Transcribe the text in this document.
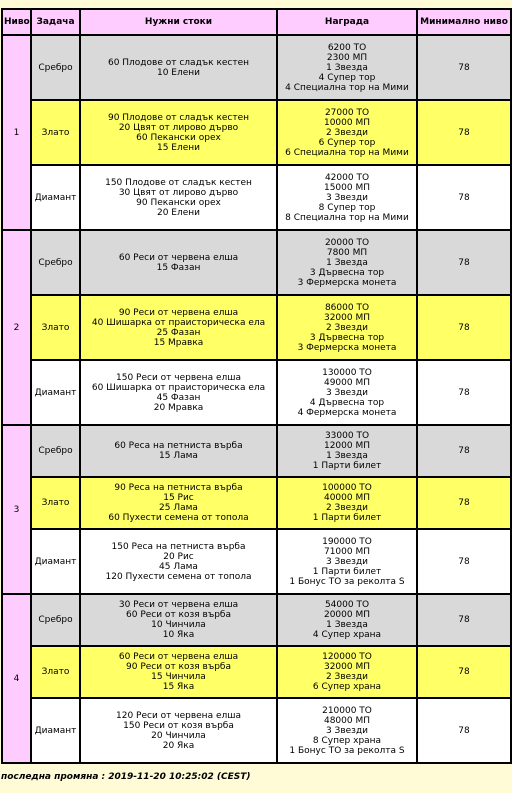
Ниво	Задача	Нужни стоки	Награда	Минимално ниво
1	Сребро	60 Плодове от сладък кестен
10 Елени	6200 ТО
2300 МП
1 Звезда
4 Супер тор
4 Специална тор на Мими	78
	Злато	90 Плодове от сладък кестен
20 Цвят от лирово дърво
60 Пекански орех
15 Елени	27000 ТО
10000 МП
2 Звезди
6 Супер тор
6 Специална тор на Мими	78
	Диамант	150 Плодове от сладък кестен
30 Цвят от лирово дърво
90 Пекански орех
20 Елени	42000 ТО
15000 МП
3 Звезди
8 Супер тор
8 Специална тор на Мими	78
2	Сребро	60 Реси от червена елша
15 Фазан	20000 ТО
7800 МП
1 Звезда
3 Дървесна тор
3 Фермерска монета	78
	Злато	90 Реси от червена елша
40 Шишарка от праисторическа ела
25 Фазан
15 Мравка	86000 ТО
32000 МП
2 Звезди
3 Дървесна тор
3 Фермерска монета	78
	Диамант	150 Реси от червена елша
60 Шишарка от праисторическа ела
45 Фазан
20 Мравка	130000 ТО
49000 МП
3 Звезди
4 Дървесна тор
4 Фермерска монета	78
3	Сребро	60 Реса на петниста върба
15 Лама	33000 ТО
12000 МП
1 Звезда
1 Парти билет	78
	Злато	90 Реса на петниста върба
15 Рис
25 Лама
60 Пухести семена от топола	100000 ТО
40000 МП
2 Звезди
1 Парти билет	78
	Диамант	150 Реса на петниста върба
20 Рис
45 Лама
120 Пухести семена от топола	190000 ТО
71000 МП
3 Звезди
1 Парти билет
1 Бонус ТО за реколта S	78
4	Сребро	30 Реси от червена елша
60 Реси от козя върба
10 Чинчила
10 Яка	54000 ТО
20000 МП
1 Звезда
4 Супер храна	78
	Злато	60 Реси от червена елша
90 Реси от козя върба
15 Чинчила
15 Яка	120000 ТО
32000 МП
2 Звезди
6 Супер храна	78
	Диамант	120 Реси от червена елша
150 Реси от козя върба
20 Чинчила
20 Яка	210000 ТО
48000 МП
3 Звезди
8 Супер храна
1 Бонус ТО за реколта S	78
последна промяна : 2019-11-20 10:25:02 (CEST)
